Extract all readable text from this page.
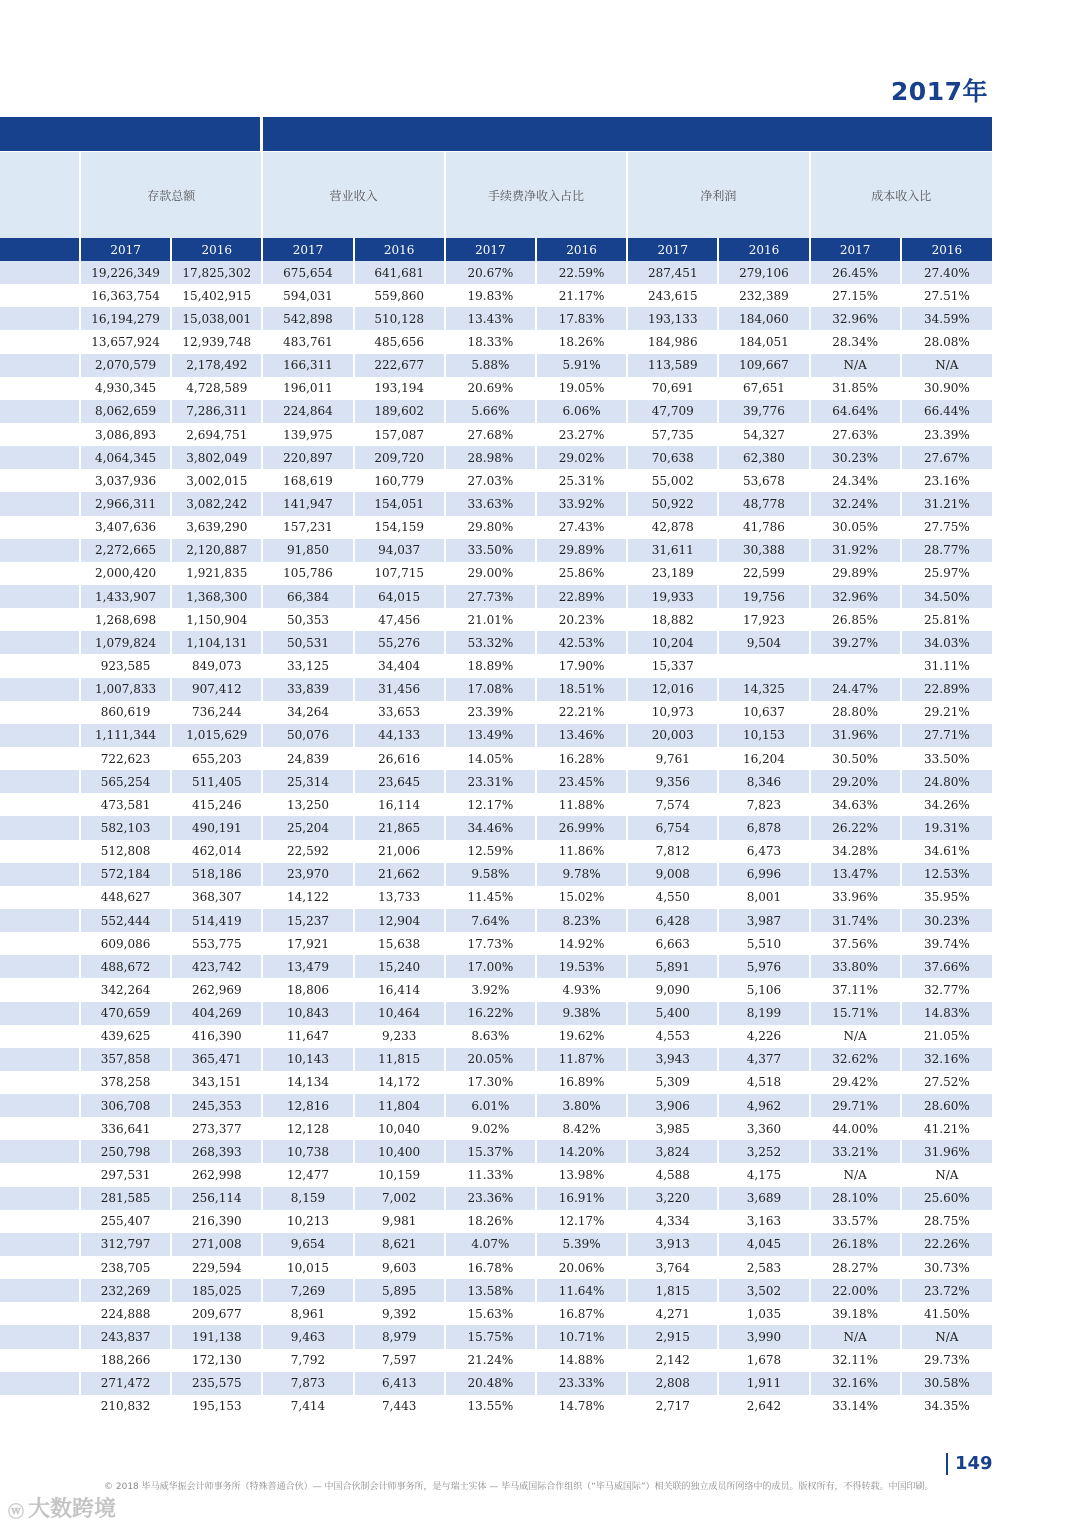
2017年
	存款总额		营业收入		手续费净收入占比		净利润		成本收入比	
	2017	2016	2017	2016	2017	2016	2017	2016	2017	2016
	19,226,349	17,825,302	675,654	641,681	20.67%	22.59%	287,451	279,106	26.45%	27.40%
	16,363,754	15,402,915	594,031	559,860	19.83%	21.17%	243,615	232,389	27.15%	27.51%
	16,194,279	15,038,001	542,898	510,128	13.43%	17.83%	193,133	184,060	32.96%	34.59%
	13,657,924	12,939,748	483,761	485,656	18.33%	18.26%	184,986	184,051	28.34%	28.08%
	2,070,579	2,178,492	166,311	222,677	5.88%	5.91%	113,589	109,667	N/A	N/A
	4,930,345	4,728,589	196,011	193,194	20.69%	19.05%	70,691	67,651	31.85%	30.90%
	8,062,659	7,286,311	224,864	189,602	5.66%	6.06%	47,709	39,776	64.64%	66.44%
	3,086,893	2,694,751	139,975	157,087	27.68%	23.27%	57,735	54,327	27.63%	23.39%
	4,064,345	3,802,049	220,897	209,720	28.98%	29.02%	70,638	62,380	30.23%	27.67%
	3,037,936	3,002,015	168,619	160,779	27.03%	25.31%	55,002	53,678	24.34%	23.16%
	2,966,311	3,082,242	141,947	154,051	33.63%	33.92%	50,922	48,778	32.24%	31.21%
	3,407,636	3,639,290	157,231	154,159	29.80%	27.43%	42,878	41,786	30.05%	27.75%
	2,272,665	2,120,887	91,850	94,037	33.50%	29.89%	31,611	30,388	31.92%	28.77%
	2,000,420	1,921,835	105,786	107,715	29.00%	25.86%	23,189	22,599	29.89%	25.97%
	1,433,907	1,368,300	66,384	64,015	27.73%	22.89%	19,933	19,756	32.96%	34.50%
	1,268,698	1,150,904	50,353	47,456	21.01%	20.23%	18,882	17,923	26.85%	25.81%
	1,079,824	1,104,131	50,531	55,276	53.32%	42.53%	10,204	9,504	39.27%	34.03%
	923,585	849,073	33,125	34,404	18.89%	17.90%	15,337			31.11%
	1,007,833	907,412	33,839	31,456	17.08%	18.51%	12,016	14,325	24.47%	22.89%
	860,619	736,244	34,264	33,653	23.39%	22.21%	10,973	10,637	28.80%	29.21%
	1,111,344	1,015,629	50,076	44,133	13.49%	13.46%	20,003	10,153	31.96%	27.71%
	722,623	655,203	24,839	26,616	14.05%	16.28%	9,761	16,204	30.50%	33.50%
	565,254	511,405	25,314	23,645	23.31%	23.45%	9,356	8,346	29.20%	24.80%
	473,581	415,246	13,250	16,114	12.17%	11.88%	7,574	7,823	34.63%	34.26%
	582,103	490,191	25,204	21,865	34.46%	26.99%	6,754	6,878	26.22%	19.31%
	512,808	462,014	22,592	21,006	12.59%	11.86%	7,812	6,473	34.28%	34.61%
	572,184	518,186	23,970	21,662	9.58%	9.78%	9,008	6,996	13.47%	12.53%
	448,627	368,307	14,122	13,733	11.45%	15.02%	4,550	8,001	33.96%	35.95%
	552,444	514,419	15,237	12,904	7.64%	8.23%	6,428	3,987	31.74%	30.23%
	609,086	553,775	17,921	15,638	17.73%	14.92%	6,663	5,510	37.56%	39.74%
	488,672	423,742	13,479	15,240	17.00%	19.53%	5,891	5,976	33.80%	37.66%
	342,264	262,969	18,806	16,414	3.92%	4.93%	9,090	5,106	37.11%	32.77%
	470,659	404,269	10,843	10,464	16.22%	9.38%	5,400	8,199	15.71%	14.83%
	439,625	416,390	11,647	9,233	8.63%	19.62%	4,553	4,226	N/A	21.05%
	357,858	365,471	10,143	11,815	20.05%	11.87%	3,943	4,377	32.62%	32.16%
	378,258	343,151	14,134	14,172	17.30%	16.89%	5,309	4,518	29.42%	27.52%
	306,708	245,353	12,816	11,804	6.01%	3.80%	3,906	4,962	29.71%	28.60%
	336,641	273,377	12,128	10,040	9.02%	8.42%	3,985	3,360	44.00%	41.21%
	250,798	268,393	10,738	10,400	15.37%	14.20%	3,824	3,252	33.21%	31.96%
	297,531	262,998	12,477	10,159	11.33%	13.98%	4,588	4,175	N/A	N/A
	281,585	256,114	8,159	7,002	23.36%	16.91%	3,220	3,689	28.10%	25.60%
	255,407	216,390	10,213	9,981	18.26%	12.17%	4,334	3,163	33.57%	28.75%
	312,797	271,008	9,654	8,621	4.07%	5.39%	3,913	4,045	26.18%	22.26%
	238,705	229,594	10,015	9,603	16.78%	20.06%	3,764	2,583	28.27%	30.73%
	232,269	185,025	7,269	5,895	13.58%	11.64%	1,815	3,502	22.00%	23.72%
	224,888	209,677	8,961	9,392	15.63%	16.87%	4,271	1,035	39.18%	41.50%
	243,837	191,138	9,463	8,979	15.75%	10.71%	2,915	3,990	N/A	N/A
	188,266	172,130	7,792	7,597	21.24%	14.88%	2,142	1,678	32.11%	29.73%
	271,472	235,575	7,873	6,413	20.48%	23.33%	2,808	1,911	32.16%	30.58%
	210,832	195,153	7,414	7,443	13.55%	14.78%	2,717	2,642	33.14%	34.35%
149
© 2018 毕马威华振会计师事务所（特殊普通合伙）— 中国合伙制会计师事务所，是与瑞士实体 — 毕马威国际合作组织（“毕马威国际”）相关联的独立成员所网络中的成员。版权所有，不得转载。中国印刷。
ⓦ 大数跨境
